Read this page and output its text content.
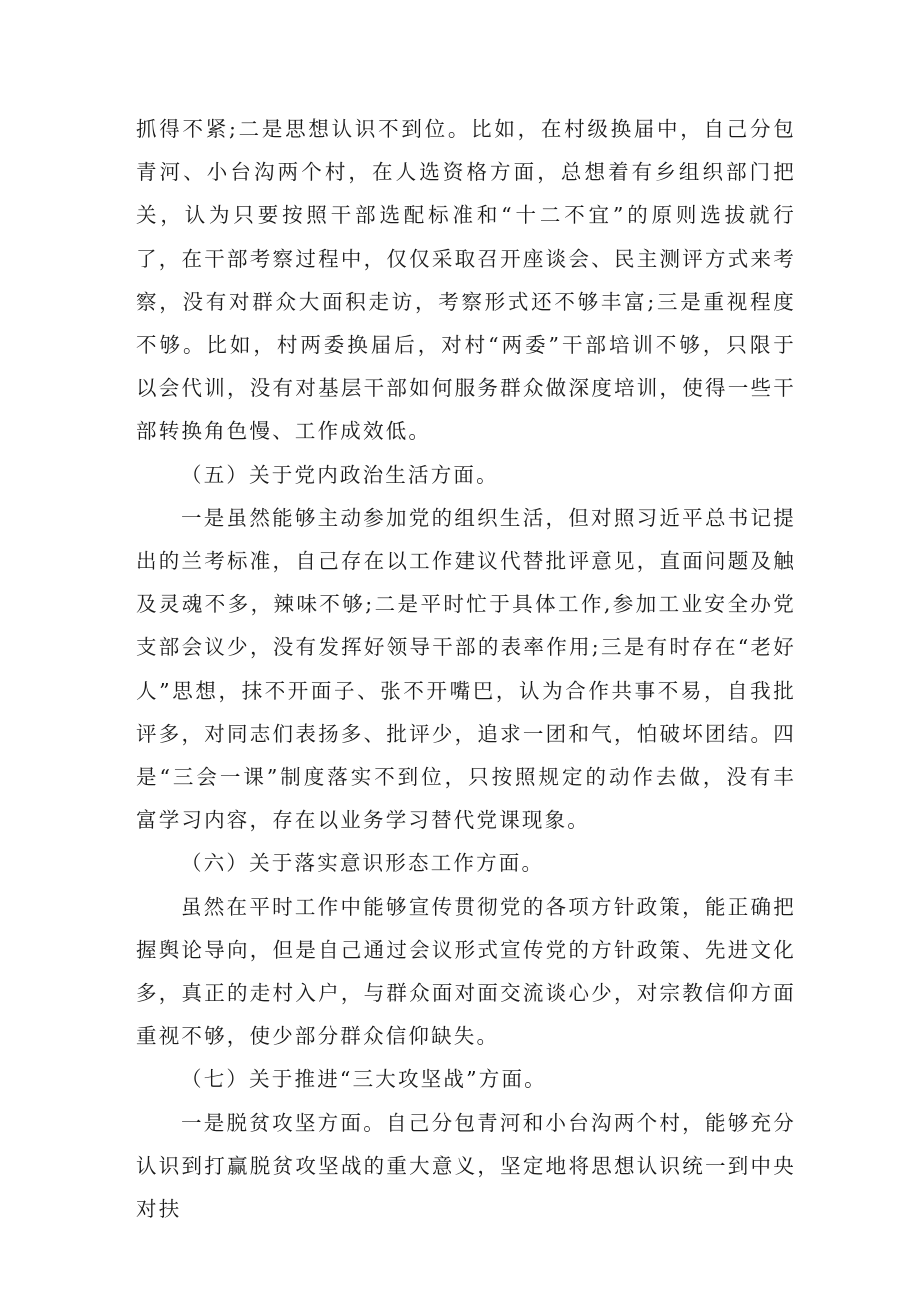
抓得不紧;二是思想认识不到位。比如，在村级换届中，自己分包青河、小台沟两个村，在人选资格方面，总想着有乡组织部门把关，认为只要按照干部选配标准和“十二不宜”的原则选拔就行了，在干部考察过程中，仅仅采取召开座谈会、民主测评方式来考察，没有对群众大面积走访，考察形式还不够丰富;三是重视程度不够。比如，村两委换届后，对村“两委”干部培训不够，只限于以会代训，没有对基层干部如何服务群众做深度培训，使得一些干部转换角色慢、工作成效低。

（五）关于党内政治生活方面。

一是虽然能够主动参加党的组织生活，但对照习近平总书记提出的兰考标准，自己存在以工作建议代替批评意见，直面问题及触及灵魂不多，辣味不够;二是平时忙于具体工作,参加工业安全办党支部会议少，没有发挥好领导干部的表率作用;三是有时存在“老好人”思想，抹不开面子、张不开嘴巴，认为合作共事不易，自我批评多，对同志们表扬多、批评少，追求一团和气，怕破坏团结。四是“三会一课”制度落实不到位，只按照规定的动作去做，没有丰富学习内容，存在以业务学习替代党课现象。

（六）关于落实意识形态工作方面。

虽然在平时工作中能够宣传贯彻党的各项方针政策，能正确把握舆论导向，但是自己通过会议形式宣传党的方针政策、先进文化多，真正的走村入户，与群众面对面交流谈心少，对宗教信仰方面重视不够，使少部分群众信仰缺失。

（七）关于推进“三大攻坚战”方面。

一是脱贫攻坚方面。自己分包青河和小台沟两个村，能够充分认识到打赢脱贫攻坚战的重大意义，坚定地将思想认识统一到中央对扶
